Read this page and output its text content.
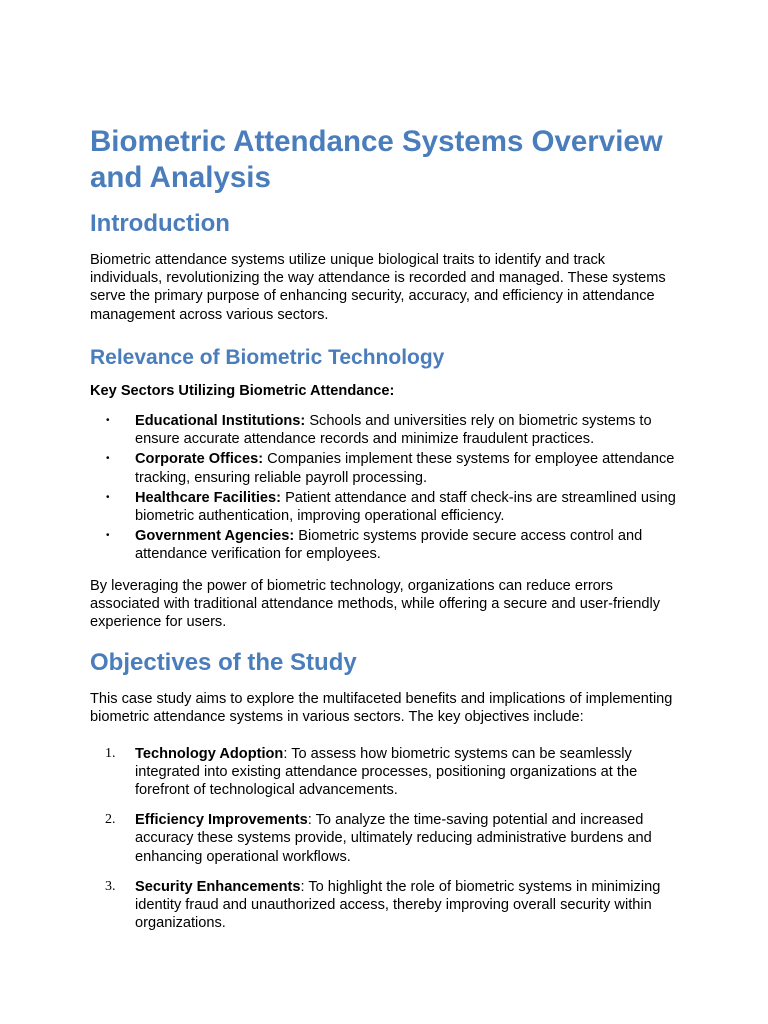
Biometric Attendance Systems Overview and Analysis
Introduction

Biometric attendance systems utilize unique biological traits to identify and track individuals, revolutionizing the way attendance is recorded and managed. These systems serve the primary purpose of enhancing security, accuracy, and efficiency in attendance management across various sectors.

Relevance of Biometric Technology

Key Sectors Utilizing Biometric Attendance:

• Educational Institutions: Schools and universities rely on biometric systems to ensure accurate attendance records and minimize fraudulent practices.
• Corporate Offices: Companies implement these systems for employee attendance tracking, ensuring reliable payroll processing.
• Healthcare Facilities: Patient attendance and staff check-ins are streamlined using biometric authentication, improving operational efficiency.
• Government Agencies: Biometric systems provide secure access control and attendance verification for employees.

By leveraging the power of biometric technology, organizations can reduce errors associated with traditional attendance methods, while offering a secure and user-friendly experience for users.

Objectives of the Study

This case study aims to explore the multifaceted benefits and implications of implementing biometric attendance systems in various sectors. The key objectives include:

1. Technology Adoption: To assess how biometric systems can be seamlessly integrated into existing attendance processes, positioning organizations at the forefront of technological advancements.
2. Efficiency Improvements: To analyze the time-saving potential and increased accuracy these systems provide, ultimately reducing administrative burdens and enhancing operational workflows.
3. Security Enhancements: To highlight the role of biometric systems in minimizing identity fraud and unauthorized access, thereby improving overall security within organizations.
